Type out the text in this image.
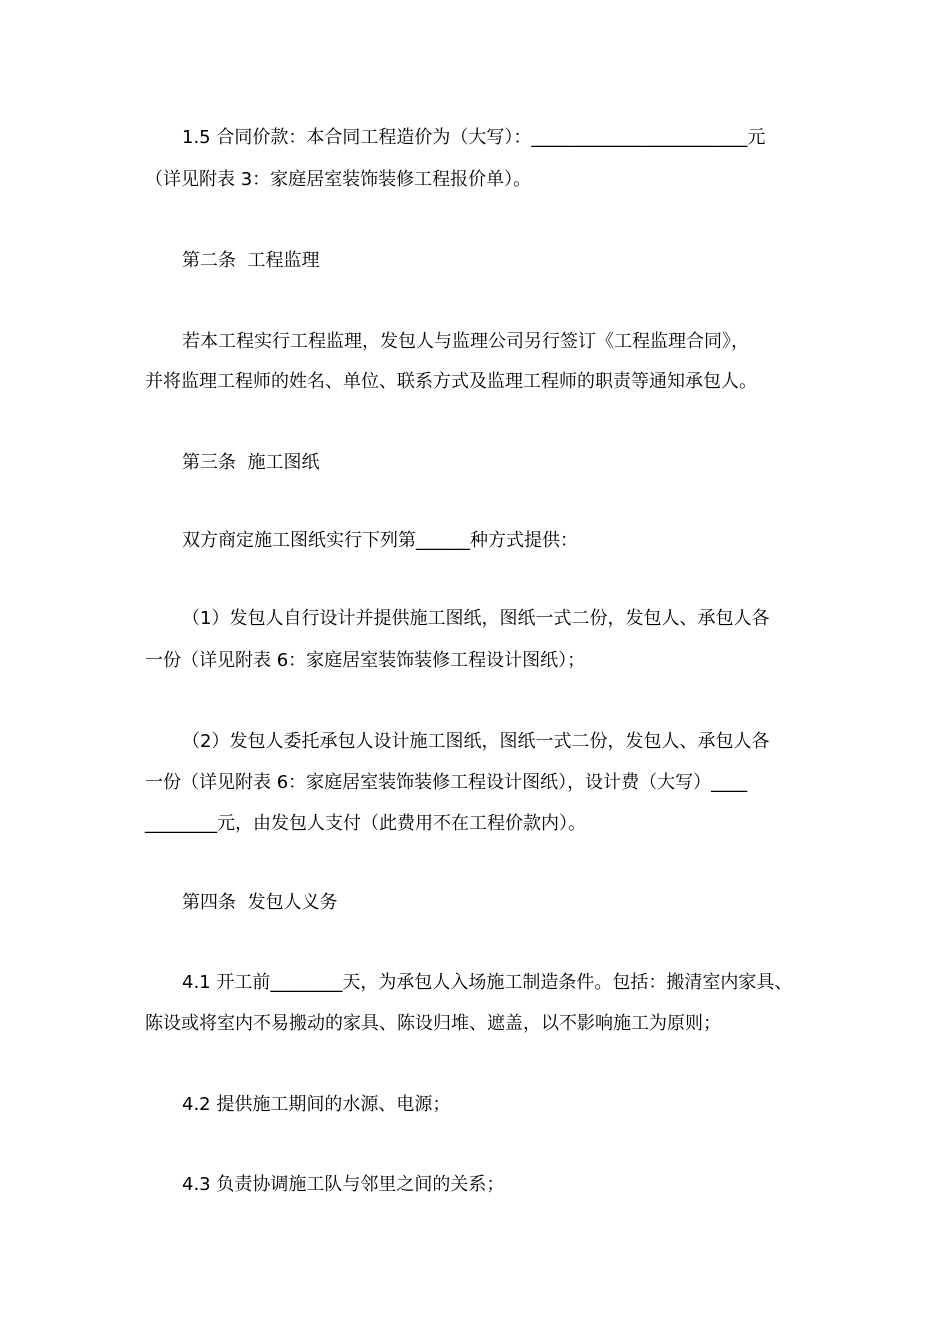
1.5 合同价款：本合同工程造价为（大写）：________________________元
（详见附表 3：家庭居室装饰装修工程报价单）。
第二条  工程监理
若本工程实行工程监理，发包人与监理公司另行签订《工程监理合同》，
并将监理工程师的姓名、单位、联系方式及监理工程师的职责等通知承包人。
第三条  施工图纸
双方商定施工图纸实行下列第______种方式提供：
（1）发包人自行设计并提供施工图纸，图纸一式二份，发包人、承包人各
一份（详见附表 6：家庭居室装饰装修工程设计图纸）；
（2）发包人委托承包人设计施工图纸，图纸一式二份，发包人、承包人各
一份（详见附表 6：家庭居室装饰装修工程设计图纸），设计费（大写）____
________元，由发包人支付（此费用不在工程价款内）。
第四条  发包人义务
4.1 开工前________天，为承包人入场施工制造条件。包括：搬清室内家具、
陈设或将室内不易搬动的家具、陈设归堆、遮盖，以不影响施工为原则；
4.2 提供施工期间的水源、电源；
4.3 负责协调施工队与邻里之间的关系；
